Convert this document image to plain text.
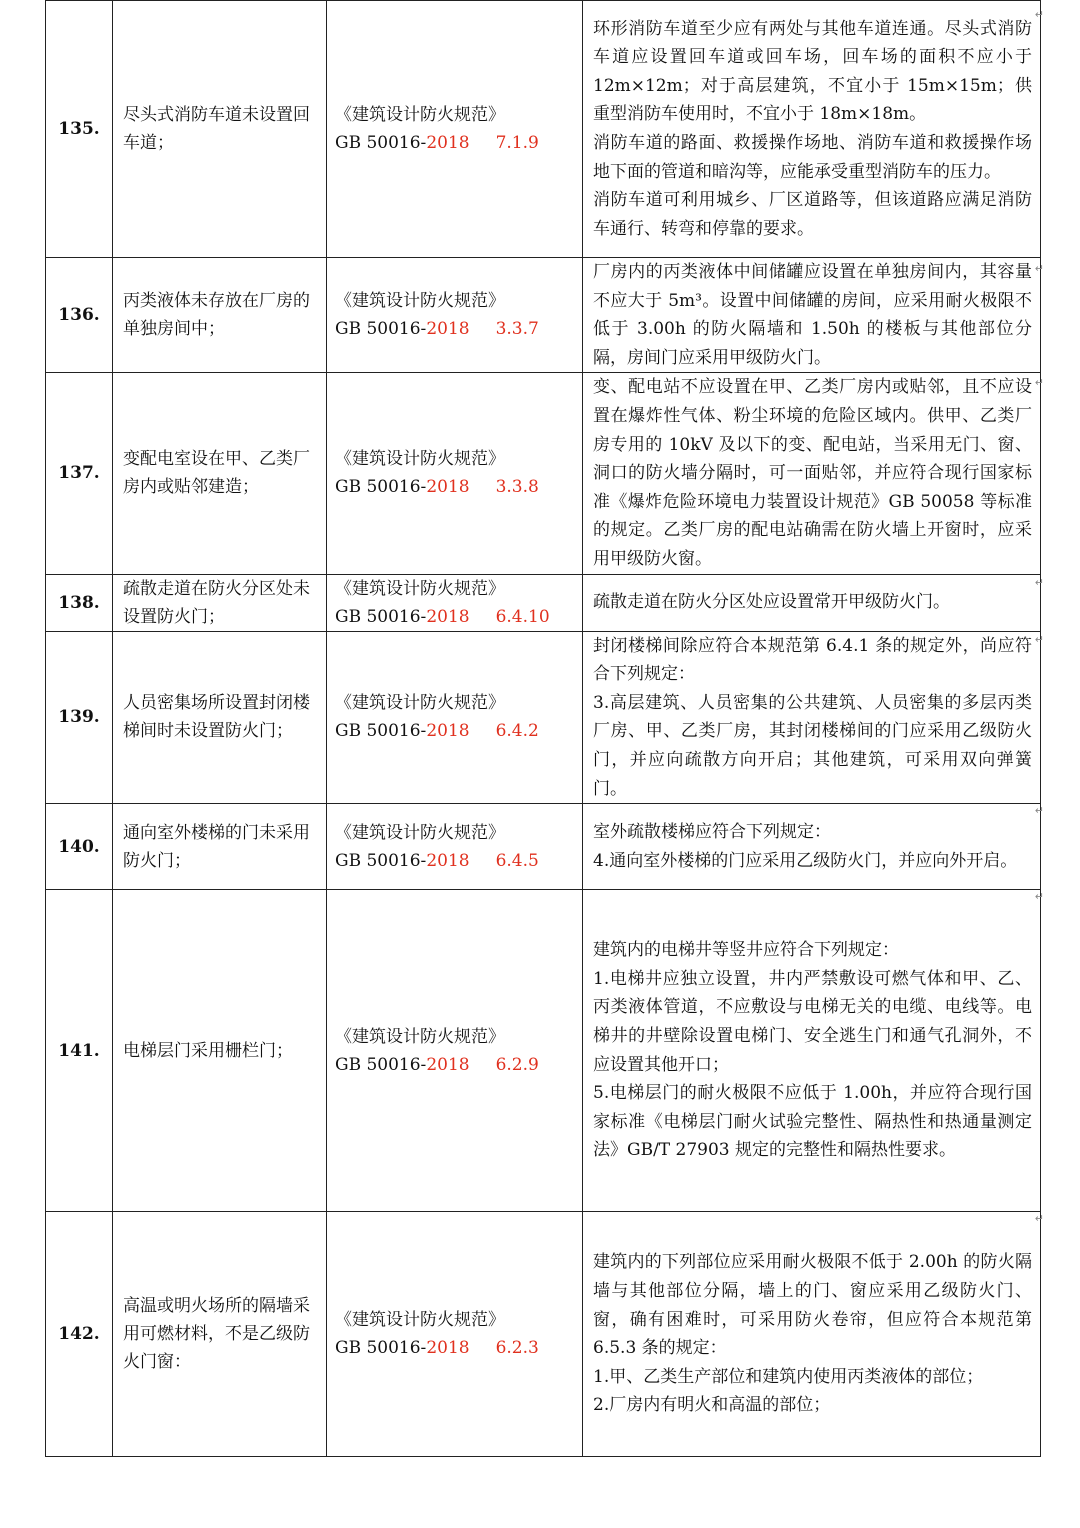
135.	尽头式消防车道未设置回车道；	《建筑设计防火规范》
GB 50016-2018 7.1.9	环形消防车道至少应有两处与其他车道连通。尽头式消防车道应设置回车道或回车场，回车场的面积不应小于 12m×12m；对于高层建筑，不宜小于 15m×15m；供重型消防车使用时，不宜小于 18m×18m。
消防车道的路面、救援操作场地、消防车道和救援操作场地下面的管道和暗沟等，应能承受重型消防车的压力。
消防车道可利用城乡、厂区道路等，但该道路应满足消防车通行、转弯和停靠的要求。

136.	丙类液体未存放在厂房的单独房间中；	《建筑设计防火规范》
GB 50016-2018 3.3.7	厂房内的丙类液体中间储罐应设置在单独房间内，其容量不应大于 5m³。设置中间储罐的房间，应采用耐火极限不低于 3.00h 的防火隔墙和 1.50h 的楼板与其他部位分隔，房间门应采用甲级防火门。

137.	变配电室设在甲、乙类厂房内或贴邻建造；	《建筑设计防火规范》
GB 50016-2018 3.3.8	变、配电站不应设置在甲、乙类厂房内或贴邻，且不应设置在爆炸性气体、粉尘环境的危险区域内。供甲、乙类厂房专用的 10kV 及以下的变、配电站，当采用无门、窗、洞口的防火墙分隔时，可一面贴邻，并应符合现行国家标准《爆炸危险环境电力装置设计规范》GB 50058 等标准的规定。乙类厂房的配电站确需在防火墙上开窗时，应采用甲级防火窗。

138.	疏散走道在防火分区处未设置防火门；	《建筑设计防火规范》
GB 50016-2018 6.4.10	疏散走道在防火分区处应设置常开甲级防火门。

139.	人员密集场所设置封闭楼梯间时未设置防火门；	《建筑设计防火规范》
GB 50016-2018 6.4.2	封闭楼梯间除应符合本规范第 6.4.1 条的规定外，尚应符合下列规定：
3.高层建筑、人员密集的公共建筑、人员密集的多层丙类厂房、甲、乙类厂房，其封闭楼梯间的门应采用乙级防火门，并应向疏散方向开启；其他建筑，可采用双向弹簧门。

140.	通向室外楼梯的门未采用防火门；	《建筑设计防火规范》
GB 50016-2018 6.4.5	室外疏散楼梯应符合下列规定：
4.通向室外楼梯的门应采用乙级防火门，并应向外开启。

141.	电梯层门采用栅栏门；	《建筑设计防火规范》
GB 50016-2018 6.2.9	建筑内的电梯井等竖井应符合下列规定：
1.电梯井应独立设置，井内严禁敷设可燃气体和甲、乙、丙类液体管道，不应敷设与电梯无关的电缆、电线等。电梯井的井壁除设置电梯门、安全逃生门和通气孔洞外，不应设置其他开口；
5.电梯层门的耐火极限不应低于 1.00h，并应符合现行国家标准《电梯层门耐火试验完整性、隔热性和热通量测定法》GB/T 27903 规定的完整性和隔热性要求。

142.	高温或明火场所的隔墙采用可燃材料，不是乙级防火门窗：	《建筑设计防火规范》
GB 50016-2018 6.2.3	建筑内的下列部位应采用耐火极限不低于 2.00h 的防火隔墙与其他部位分隔，墙上的门、窗应采用乙级防火门、窗，确有困难时，可采用防火卷帘，但应符合本规范第 6.5.3 条的规定：
1.甲、乙类生产部位和建筑内使用丙类液体的部位；
2.厂房内有明火和高温的部位；
↵
↵
↵
↵
↵
↵
↵
↵
